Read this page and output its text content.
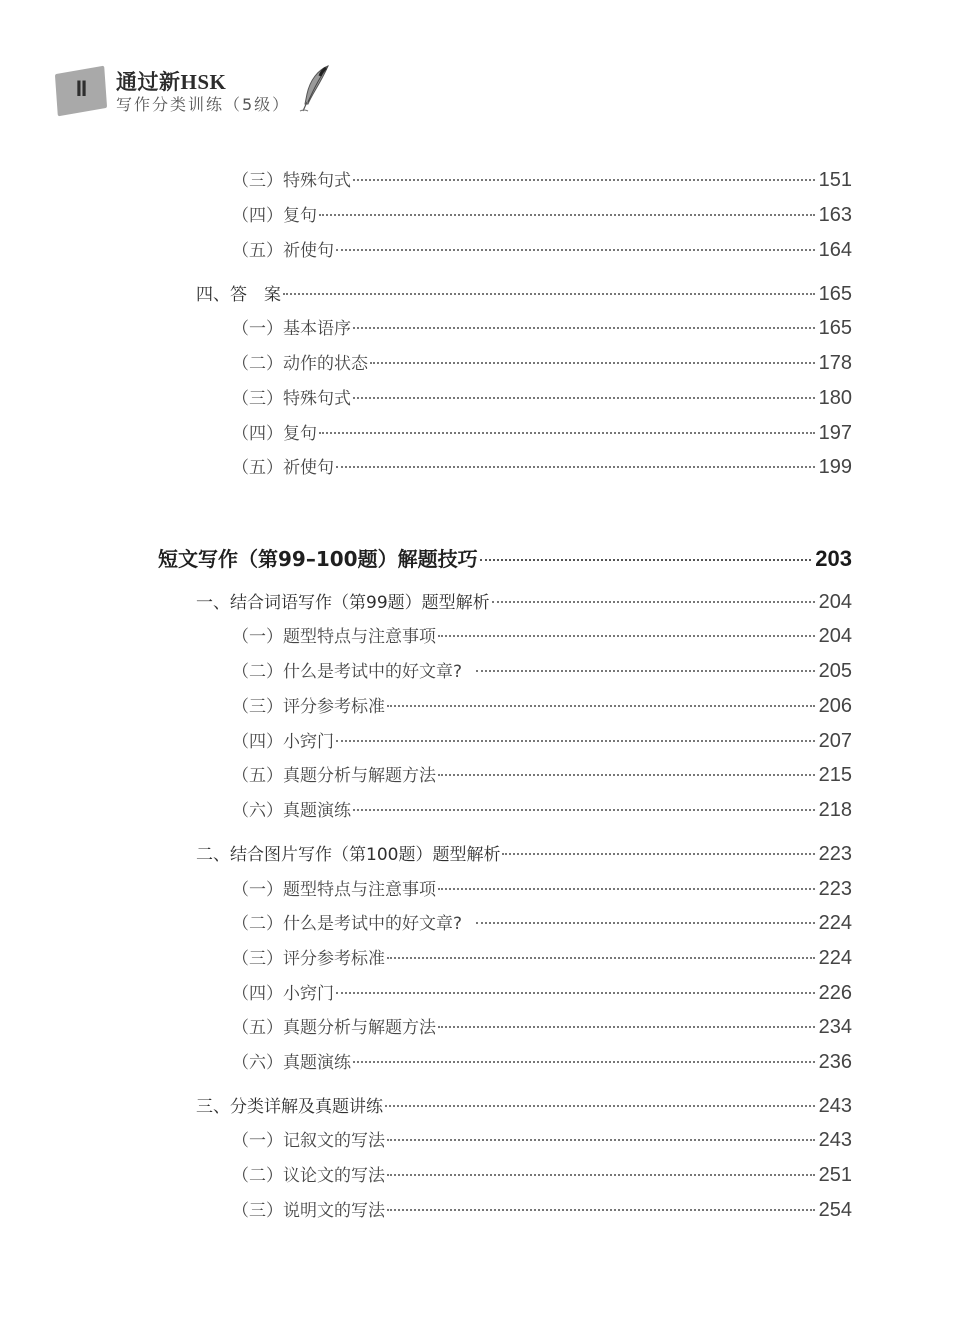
II	通过新HSK
写作分类训练（5级）
（三）特殊句式	151
（四）复句	163
（五）祈使句	164
四、答　案	165
（一）基本语序	165
（二）动作的状态	178
（三）特殊句式	180
（四）复句	197
（五）祈使句	199
短文写作（第99–100题）解题技巧	203
一、结合词语写作（第99题）题型解析	204
（一）题型特点与注意事项	204
（二）什么是考试中的好文章?	205
（三）评分参考标准	206
（四）小窍门	207
（五）真题分析与解题方法	215
（六）真题演练	218
二、结合图片写作（第100题）题型解析	223
（一）题型特点与注意事项	223
（二）什么是考试中的好文章?	224
（三）评分参考标准	224
（四）小窍门	226
（五）真题分析与解题方法	234
（六）真题演练	236
三、分类详解及真题讲练	243
（一）记叙文的写法	243
（二）议论文的写法	251
（三）说明文的写法	254
